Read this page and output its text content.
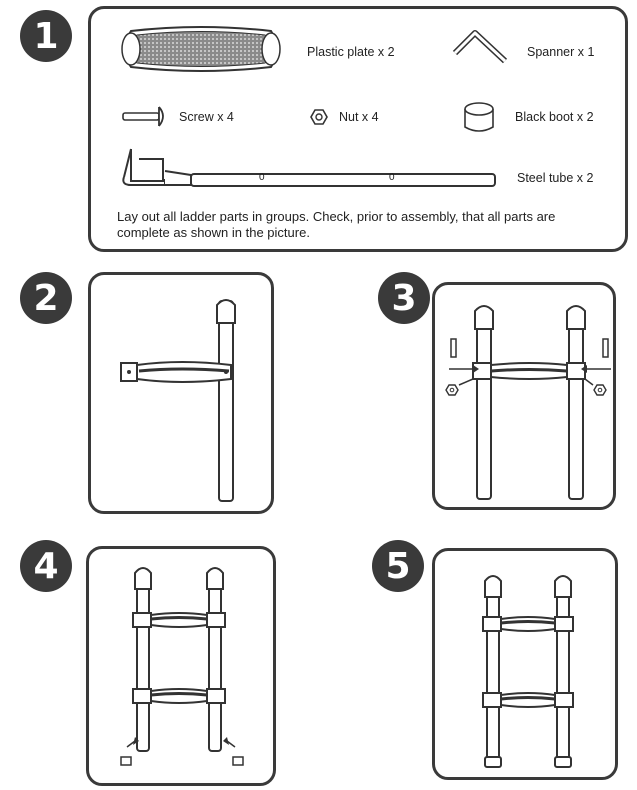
1
2	3
4	5
Plastic plate x 2	Spanner x 1
Screw x 4	Nut x 4	Black boot x 2
0	0	Steel tube x 2
Lay out all ladder parts in groups. Check, prior to assembly, that all parts are complete as shown in the picture.
